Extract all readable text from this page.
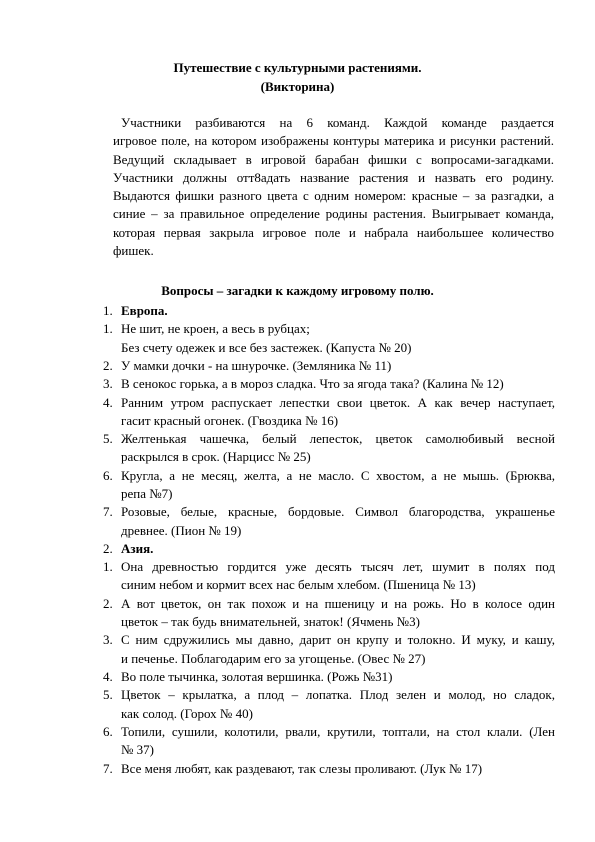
Путешествие с культурными растениями.
(Викторина)
Участники разбиваются на 6 команд. Каждой команде раздается
игровое поле, на котором изображены контуры материка и рисунки растений.
Ведущий складывает в игровой барабан фишки с вопросами-загадками.
Участники должны отт8адать название растения и назвать его родину.
Выдаются фишки разного цвета с одним номером: красные – за разгадки, а
синие – за правильное определение родины растения. Выигрывает команда,
которая первая закрыла игровое поле и набрала наибольшее количество
фишек.
Вопросы – загадки к каждому игровому полю.
1. Европа.
1. Не шит, не кроен, а весь в рубцах;
Без счету одежек и все без застежек. (Капуста № 20)
2. У мамки дочки - на шнурочке. (Земляника № 11)
3. В сенокос горька, а в мороз сладка. Что за ягода така? (Калина № 12)
4. Ранним утром распускает лепестки свои цветок. А как вечер наступает,
гасит красный огонек. (Гвоздика № 16)
5. Желтенькая чашечка, белый лепесток, цветок самолюбивый весной
раскрылся в срок. (Нарцисс № 25)
6. Кругла, а не месяц, желта, а не масло. С хвостом, а не мышь. (Брюква,
репа №7)
7. Розовые, белые, красные, бордовые. Символ благородства, украшенье
древнее. (Пион № 19)
2. Азия.
1. Она древностью гордится уже десять тысяч лет, шумит в полях под
синим небом и кормит всех нас белым хлебом. (Пшеница № 13)
2. А вот цветок, он так похож и на пшеницу и на рожь. Но в колосе один
цветок – так будь внимательней, знаток! (Ячмень №3)
3. С ним сдружились мы давно, дарит он крупу и толокно. И муку, и кашу,
и печенье. Поблагодарим его за угощенье. (Овес № 27)
4. Во поле тычинка, золотая вершинка. (Рожь №31)
5. Цветок – крылатка, а плод – лопатка. Плод зелен и молод, но сладок,
как солод. (Горох № 40)
6. Топили, сушили, колотили, рвали, крутили, топтали, на стол клали. (Лен
№ 37)
7. Все меня любят, как раздевают, так слезы проливают. (Лук № 17)
